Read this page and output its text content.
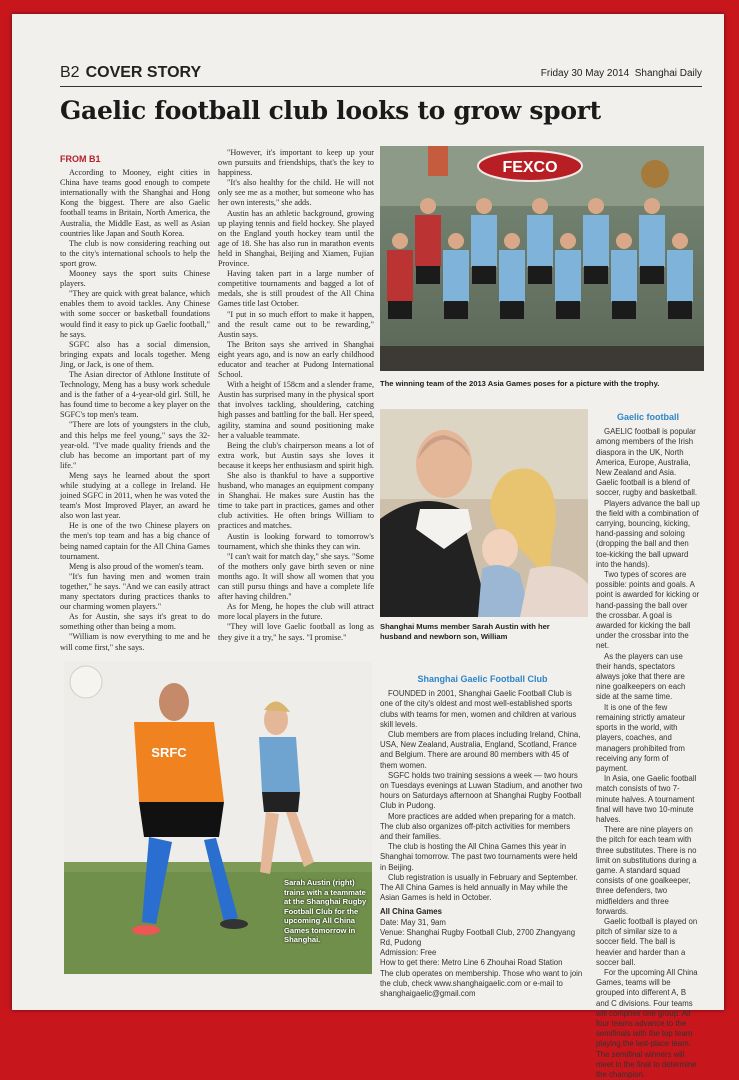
B2 COVER STORY	Friday 30 May 2014 Shanghai Daily
Gaelic football club looks to grow sport
FROM B1

According to Mooney, eight cities in China have teams good enough to compete internationally with the Shanghai and Hong Kong the biggest. There are also Gaelic football teams in Britain, North America, the Australia, the Middle East, as well as Asian countries like Japan and South Korea.

The club is now considering reaching out to the city's international schools to help the sport grow.

Mooney says the sport suits Chinese players.

"They are quick with great balance, which enables them to avoid tackles. Any Chinese with some soccer or basketball foundations would find it easy to pick up Gaelic football," he says.

SGFC also has a social dimension, bringing expats and locals together. Meng Jing, or Jack, is one of them.

The Asian director of Athlone Institute of Technology, Meng has a busy work schedule and is the father of a 4-year-old girl. Still, he has found time to become a key player on the SGFC's top men's team.

"There are lots of youngsters in the club, and this helps me feel young," says the 32-year-old. "I've made quality friends and the club has become an important part of my life."

Meng says he learned about the sport while studying at a college in Ireland. He joined SGFC in 2011, when he was voted the team's Most Improved Player, an award he also won last year.

He is one of the two Chinese players on the men's top team and has a big chance of being named captain for the All China Games tournament.

Meng is also proud of the women's team.

"It's fun having men and women train together," he says. "And we can easily attract many spectators during practices thanks to our charming women players."

As for Austin, she says it's great to do something other than being a mom.

"William is now everything to me and he will come first," she says.

"However, it's important to keep up your own pursuits and friendships, that's the key to happiness.

"It's also healthy for the child. He will not only see me as a mother, but someone who has her own interests," she adds.

Austin has an athletic background, growing up playing tennis and field hockey. She played on the England youth hockey team until the age of 18. She has also run in marathon events held in Shanghai, Beijing and Xiamen, Fujian Province.

Having taken part in a large number of competitive tournaments and bagged a lot of medals, she is still proudest of the All China Games title last October.

"I put in so much effort to make it happen, and the result came out to be rewarding," Austin says.

The Briton says she arrived in Shanghai eight years ago, and is now an early childhood educator and teacher at Pudong International School.

With a height of 158cm and a slender frame, Austin has surprised many in the physical sport that involves tackling, shouldering, catching high passes and battling for the ball. Her speed, agility, stamina and sound positioning make her a valuable teammate.

Being the club's chairperson means a lot of extra work, but Austin says she loves it because it keeps her enthusiasm and spirit high.

She also is thankful to have a supportive husband, who manages an equipment company in Shanghai. He makes sure Austin has the time to take part in practices, games and other club activities. He often brings William to practices and matches.

Austin is looking forward to tomorrow's tournament, which she thinks they can win.

"I can't wait for match day," she says. "Some of the mothers only gave birth seven or nine months ago. It will show all women that you can still pursu things and have a complete life after having children."

As for Meng, he hopes the club will attract more local players in the future.

"They will love Gaelic football as long as they give it a try," he says. "I promise."

FEXCO
The winning team of the 2013 Asia Games poses for a picture with the trophy.
Shanghai Mums member Sarah Austin with her husband and newborn son, William
Gaelic football

GAELIC football is popular among members of the Irish diaspora in the UK, North America, Europe, Australia, New Zealand and Asia. Gaelic football is a blend of soccer, rugby and basketball.

Players advance the ball up the field with a combination of carrying, bouncing, kicking, hand-passing and soloing (dropping the ball and then toe-kicking the ball upward into the hands).

Two types of scores are possible: points and goals. A point is awarded for kicking or hand-passing the ball over the crossbar. A goal is awarded for kicking the ball under the crossbar into the net.

As the players can use their hands, spectators always joke that there are nine goalkeepers on each side at the same time.

It is one of the few remaining strictly amateur sports in the world, with players, coaches, and managers prohibited from receiving any form of payment.

In Asia, one Gaelic football match consists of two 7-minute halves. A tournament final will have two 10-minute halves.

There are nine players on the pitch for each team with three substitutes. There is no limit on substitutions during a game. A standard squad consists of one goalkeeper, three defenders, two midfielders and three forwards.

Gaelic football is played on pitch of similar size to a soccer field. The ball is heavier and harder than a soccer ball.

For the upcoming All China Games, teams will be grouped into different A, B and C divisions. Four teams will comprise one group. All four teams advance to the semifinals with the top team playing the last-place team. The semifinal winners will meet in the final to determine the champion.

Shanghai Gaelic Football Club

FOUNDED in 2001, Shanghai Gaelic Football Club is one of the city's oldest and most well-established sports clubs with teams for men, women and children at various skill levels.

Club members are from places including Ireland, China, USA, New Zealand, Australia, England, Scotland, France and Belgium. There are around 80 members with 45 of them women.

SGFC holds two training sessions a week — two hours on Tuesdays evenings at Luwan Stadium, and another two hours on Saturdays afternoon at Shanghai Rugby Football Club in Pudong.

More practices are added when preparing for a match. The club also organizes off-pitch activities for members and their families.

The club is hosting the All China Games this year in Shanghai tomorrow. The past two tournaments were held in Beijing.

Club registration is usually in February and September. The All China Games is held annually in May while the Asian Games is held in October.

All China Games

Date: May 31, 9am

Venue: Shanghai Rugby Football Club, 2700 Zhangyang Rd, Pudong

Admission: Free

How to get there: Metro Line 6 Zhouhai Road Station

The club operates on membership. Those who want to join the club, check www.shanghaigaelic.com or e-mail to shanghaigaelic@gmail.com

SRFC
Sarah Austin (right) trains with a teammate at the Shanghai Rugby Football Club for the upcoming All China Games tomorrow in Shanghai.
